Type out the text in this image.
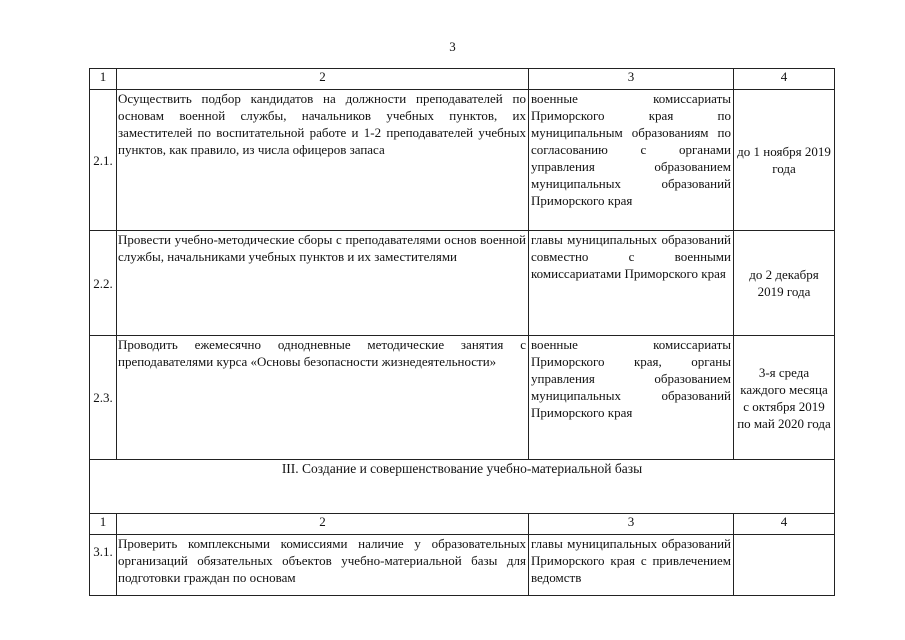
3
1	2	3	4
2.1.	Осуществить подбор кандидатов на должности преподавателей по основам военной службы, начальников учебных пунктов, их заместителей по воспитательной работе и 1-2 преподавателей учебных пунктов, как правило, из числа офицеров запаса	военные комиссариаты Приморского края по муниципальным образованиям по согласованию с органами управления образованием муниципальных образований Приморского края	до 1 ноября 2019 года
2.2.	Провести учебно-методические сборы с преподавателями основ военной службы, начальниками учебных пунктов и их заместителями	главы муниципальных образований совместно с военными комиссариатами Приморского края	до 2 декабря 2019 года
2.3.	Проводить ежемесячно однодневные методические занятия с преподавателями курса «Основы безопасности жизнедеятельности»	военные комиссариаты Приморского края, органы управления образованием муниципальных образований Приморского края	3-я среда каждого месяца с октября 2019 по май 2020 года
III. Создание и совершенствование учебно-материальной базы			
1	2	3	4
3.1.	Проверить комплексными комиссиями наличие у образовательных организаций обязательных объектов учебно-материальной базы для подготовки граждан по основам	главы муниципальных образований Приморского края с привлечением ведомств	
